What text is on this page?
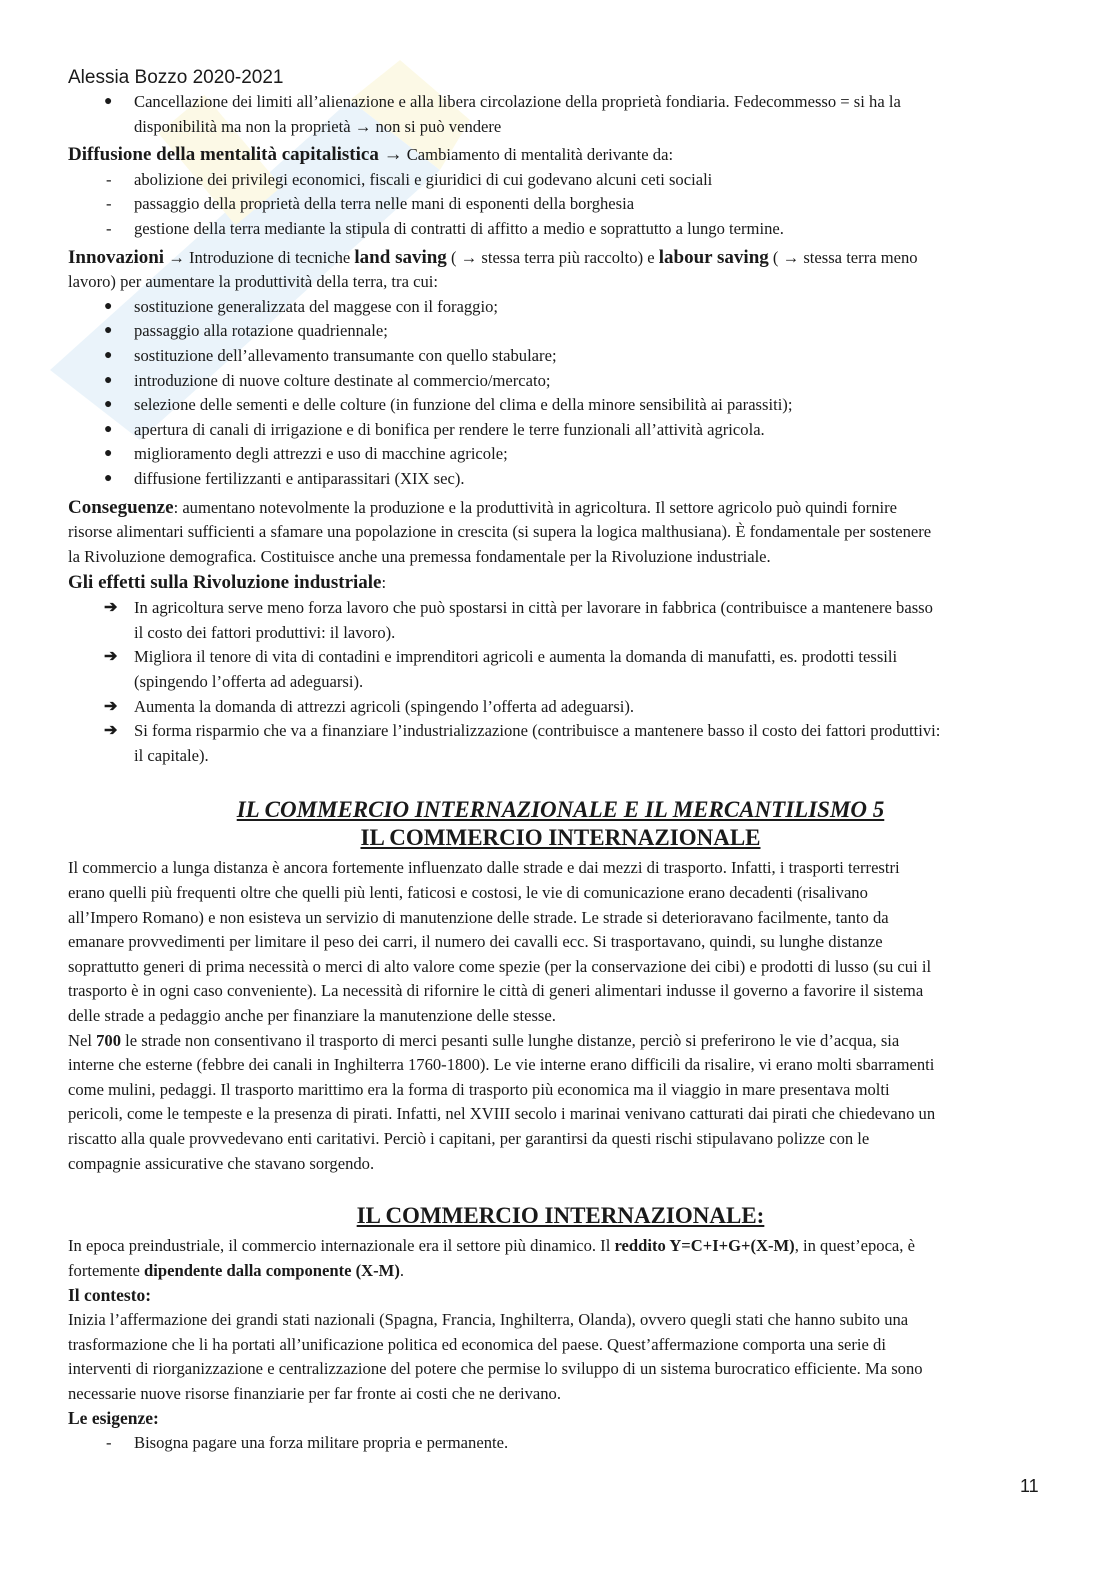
Alessia Bozzo 2020-2021

● Cancellazione dei limiti all’alienazione e alla libera circolazione della proprietà fondiaria. Fedecommesso = si ha la
disponibilità ma non la proprietà → non si può vendere

Diffusione della mentalità capitalistica → Cambiamento di mentalità derivante da:

- abolizione dei privilegi economici, fiscali e giuridici di cui godevano alcuni ceti sociali
- passaggio della proprietà della terra nelle mani di esponenti della borghesia
- gestione della terra mediante la stipula di contratti di affitto a medio e soprattutto a lungo termine.

Innovazioni → Introduzione di tecniche land saving ( → stessa terra più raccolto) e labour saving ( → stessa terra meno
lavoro) per aumentare la produttività della terra, tra cui:

● sostituzione generalizzata del maggese con il foraggio;
● passaggio alla rotazione quadriennale;
● sostituzione dell’allevamento transumante con quello stabulare;
● introduzione di nuove colture destinate al commercio/mercato;
● selezione delle sementi e delle colture (in funzione del clima e della minore sensibilità ai parassiti);
● apertura di canali di irrigazione e di bonifica per rendere le terre funzionali all’attività agricola.
● miglioramento degli attrezzi e uso di macchine agricole;
● diffusione fertilizzanti e antiparassitari (XIX sec).

Conseguenze: aumentano notevolmente la produzione e la produttività in agricoltura. Il settore agricolo può quindi fornire
risorse alimentari sufficienti a sfamare una popolazione in crescita (si supera la logica malthusiana). È fondamentale per sostenere
la Rivoluzione demografica. Costituisce anche una premessa fondamentale per la Rivoluzione industriale.

Gli effetti sulla Rivoluzione industriale:

➔ In agricoltura serve meno forza lavoro che può spostarsi in città per lavorare in fabbrica (contribuisce a mantenere basso
il costo dei fattori produttivi: il lavoro).
➔ Migliora il tenore di vita di contadini e imprenditori agricoli e aumenta la domanda di manufatti, es. prodotti tessili
(spingendo l’offerta ad adeguarsi).
➔ Aumenta la domanda di attrezzi agricoli (spingendo l’offerta ad adeguarsi).
➔ Si forma risparmio che va a finanziare l’industrializzazione (contribuisce a mantenere basso il costo dei fattori produttivi:
il capitale).
IL COMMERCIO INTERNAZIONALE E IL MERCANTILISMO 5
IL COMMERCIO INTERNAZIONALE

Il commercio a lunga distanza è ancora fortemente influenzato dalle strade e dai mezzi di trasporto. Infatti, i trasporti terrestri
erano quelli più frequenti oltre che quelli più lenti, faticosi e costosi, le vie di comunicazione erano decadenti (risalivano
all’Impero Romano) e non esisteva un servizio di manutenzione delle strade. Le strade si deterioravano facilmente, tanto da
emanare provvedimenti per limitare il peso dei carri, il numero dei cavalli ecc. Si trasportavano, quindi, su lunghe distanze
soprattutto generi di prima necessità o merci di alto valore come spezie (per la conservazione dei cibi) e prodotti di lusso (su cui il
trasporto è in ogni caso conveniente). La necessità di rifornire le città di generi alimentari indusse il governo a favorire il sistema
delle strade a pedaggio anche per finanziare la manutenzione delle stesse.

Nel 700 le strade non consentivano il trasporto di merci pesanti sulle lunghe distanze, perciò si preferirono le vie d’acqua, sia
interne che esterne (febbre dei canali in Inghilterra 1760-1800). Le vie interne erano difficili da risalire, vi erano molti sbarramenti
come mulini, pedaggi. Il trasporto marittimo era la forma di trasporto più economica ma il viaggio in mare presentava molti
pericoli, come le tempeste e la presenza di pirati. Infatti, nel XVIII secolo i marinai venivano catturati dai pirati che chiedevano un
riscatto alla quale provvedevano enti caritativi. Perciò i capitani, per garantirsi da questi rischi stipulavano polizze con le
compagnie assicurative che stavano sorgendo.

IL COMMERCIO INTERNAZIONALE:

In epoca preindustriale, il commercio internazionale era il settore più dinamico. Il reddito Y=C+I+G+(X-M), in quest’epoca, è
fortemente dipendente dalla componente (X-M).

Il contesto:

Inizia l’affermazione dei grandi stati nazionali (Spagna, Francia, Inghilterra, Olanda), ovvero quegli stati che hanno subito una
trasformazione che li ha portati all’unificazione politica ed economica del paese. Quest’affermazione comporta una serie di
interventi di riorganizzazione e centralizzazione del potere che permise lo sviluppo di un sistema burocratico efficiente. Ma sono
necessarie nuove risorse finanziarie per far fronte ai costi che ne derivano.

Le esigenze:

- Bisogna pagare una forza militare propria e permanente.
11
